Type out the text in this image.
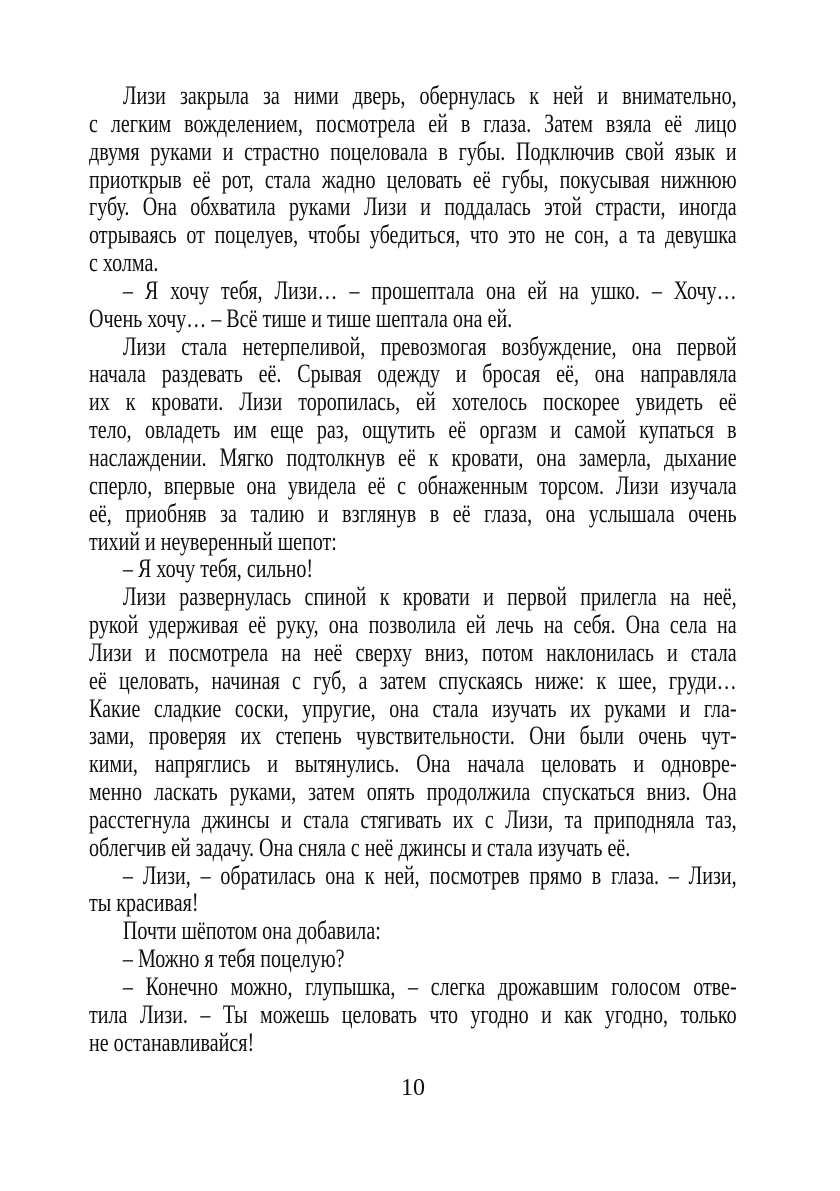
Лизи закрыла за ними дверь, обернулась к ней и внимательно,
с легким вожделением, посмотрела ей в глаза. Затем взяла её лицо
двумя руками и страстно поцеловала в губы. Подключив свой язык и
приоткрыв её рот, стала жадно целовать её губы, покусывая нижнюю
губу. Она обхватила руками Лизи и поддалась этой страсти, иногда
отрываясь от поцелуев, чтобы убедиться, что это не сон, а та девушка
с холма.
– Я хочу тебя, Лизи… – прошептала она ей на ушко. – Хочу…
Очень хочу… – Всё тише и тише шептала она ей.
Лизи стала нетерпеливой, превозмогая возбуждение, она первой
начала раздевать её. Срывая одежду и бросая её, она направляла
их к кровати. Лизи торопилась, ей хотелось поскорее увидеть её
тело, овладеть им еще раз, ощутить её оргазм и самой купаться в
наслаждении. Мягко подтолкнув её к кровати, она замерла, дыхание
сперло, впервые она увидела её с обнаженным торсом. Лизи изучала
её, приобняв за талию и взглянув в её глаза, она услышала очень
тихий и неуверенный шепот:
– Я хочу тебя, сильно!
Лизи развернулась спиной к кровати и первой прилегла на неё,
рукой удерживая её руку, она позволила ей лечь на себя. Она села на
Лизи и посмотрела на неё сверху вниз, потом наклонилась и стала
её целовать, начиная с губ, а затем спускаясь ниже: к шее, груди…
Какие сладкие соски, упругие, она стала изучать их руками и гла-
зами, проверяя их степень чувствительности. Они были очень чут-
кими, напряглись и вытянулись. Она начала целовать и одновре-
менно ласкать руками, затем опять продолжила спускаться вниз. Она
расстегнула джинсы и стала стягивать их с Лизи, та приподняла таз,
облегчив ей задачу. Она сняла с неё джинсы и стала изучать её.
– Лизи, – обратилась она к ней, посмотрев прямо в глаза. – Лизи,
ты красивая!
Почти шёпотом она добавила:
– Можно я тебя поцелую?
– Конечно можно, глупышка, – слегка дрожавшим голосом отве-
тила Лизи. – Ты можешь целовать что угодно и как угодно, только
не останавливайся!
10
